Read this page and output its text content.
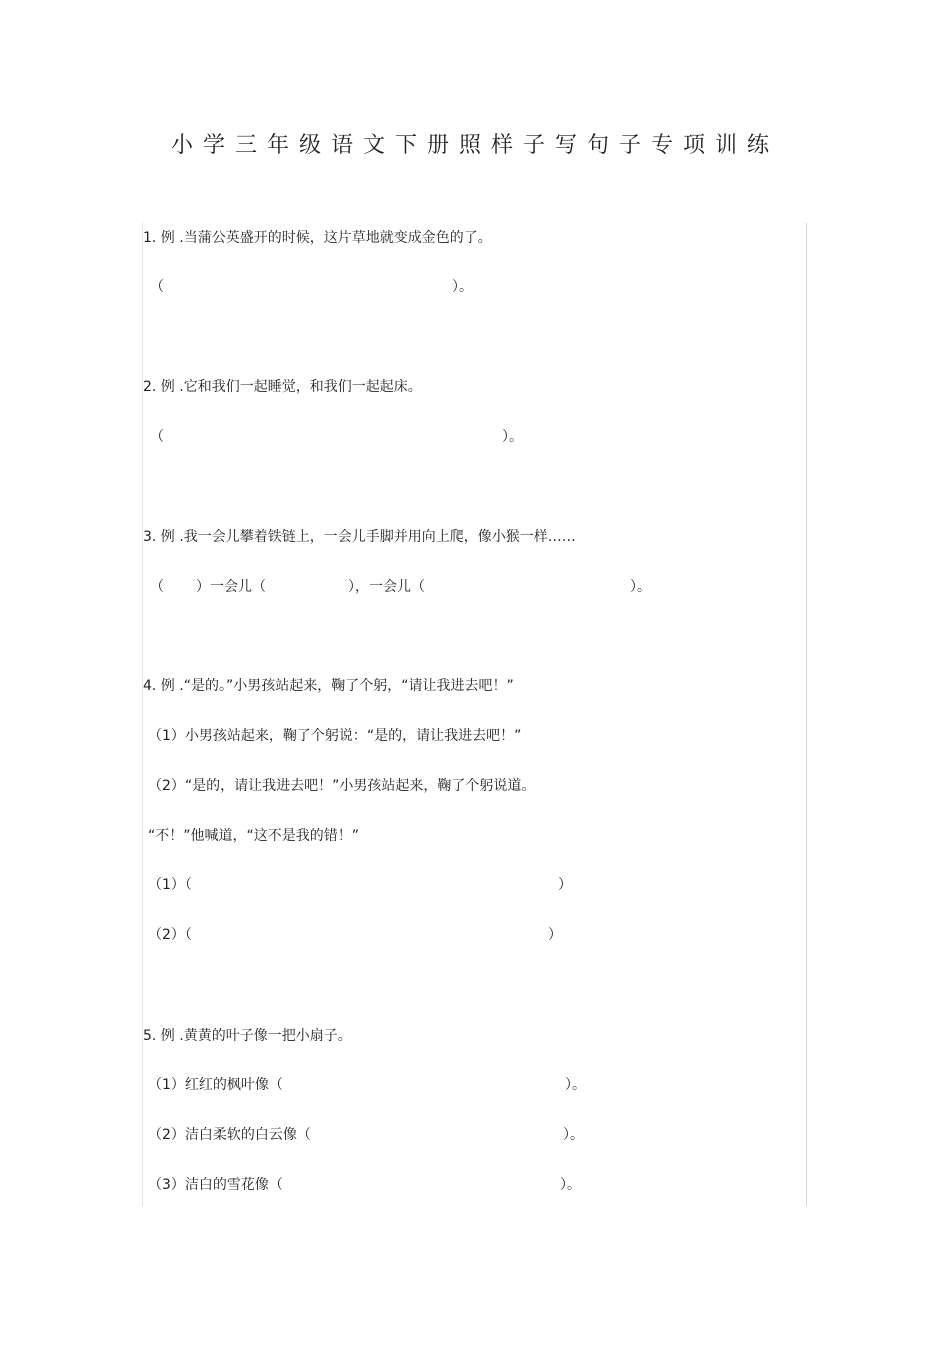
小学三年级语文下册照样子写句子专项训练
1. 例 .当蒲公英盛开的时候，这片草地就变成金色的了。
（	）。
2. 例 .它和我们一起睡觉，和我们一起起床。
（	）。
3. 例 .我一会儿攀着铁链上，一会儿手脚并用向上爬，像小猴一样……
（ ）一会儿（	），一会儿（	）。
4. 例 .“是的。”小男孩站起来，鞠了个躬，“请让我进去吧！”
（1）小男孩站起来，鞠了个躬说：“是的，请让我进去吧！”
（2）“是的，请让我进去吧！”小男孩站起来，鞠了个躬说道。
“不！”他喊道，“这不是我的错！”
（1）（	）
（2）（	）
5. 例 .黄黄的叶子像一把小扇子。
（1）红红的枫叶像（	）。
（2）洁白柔软的白云像（	）。
（3）洁白的雪花像（	）。
